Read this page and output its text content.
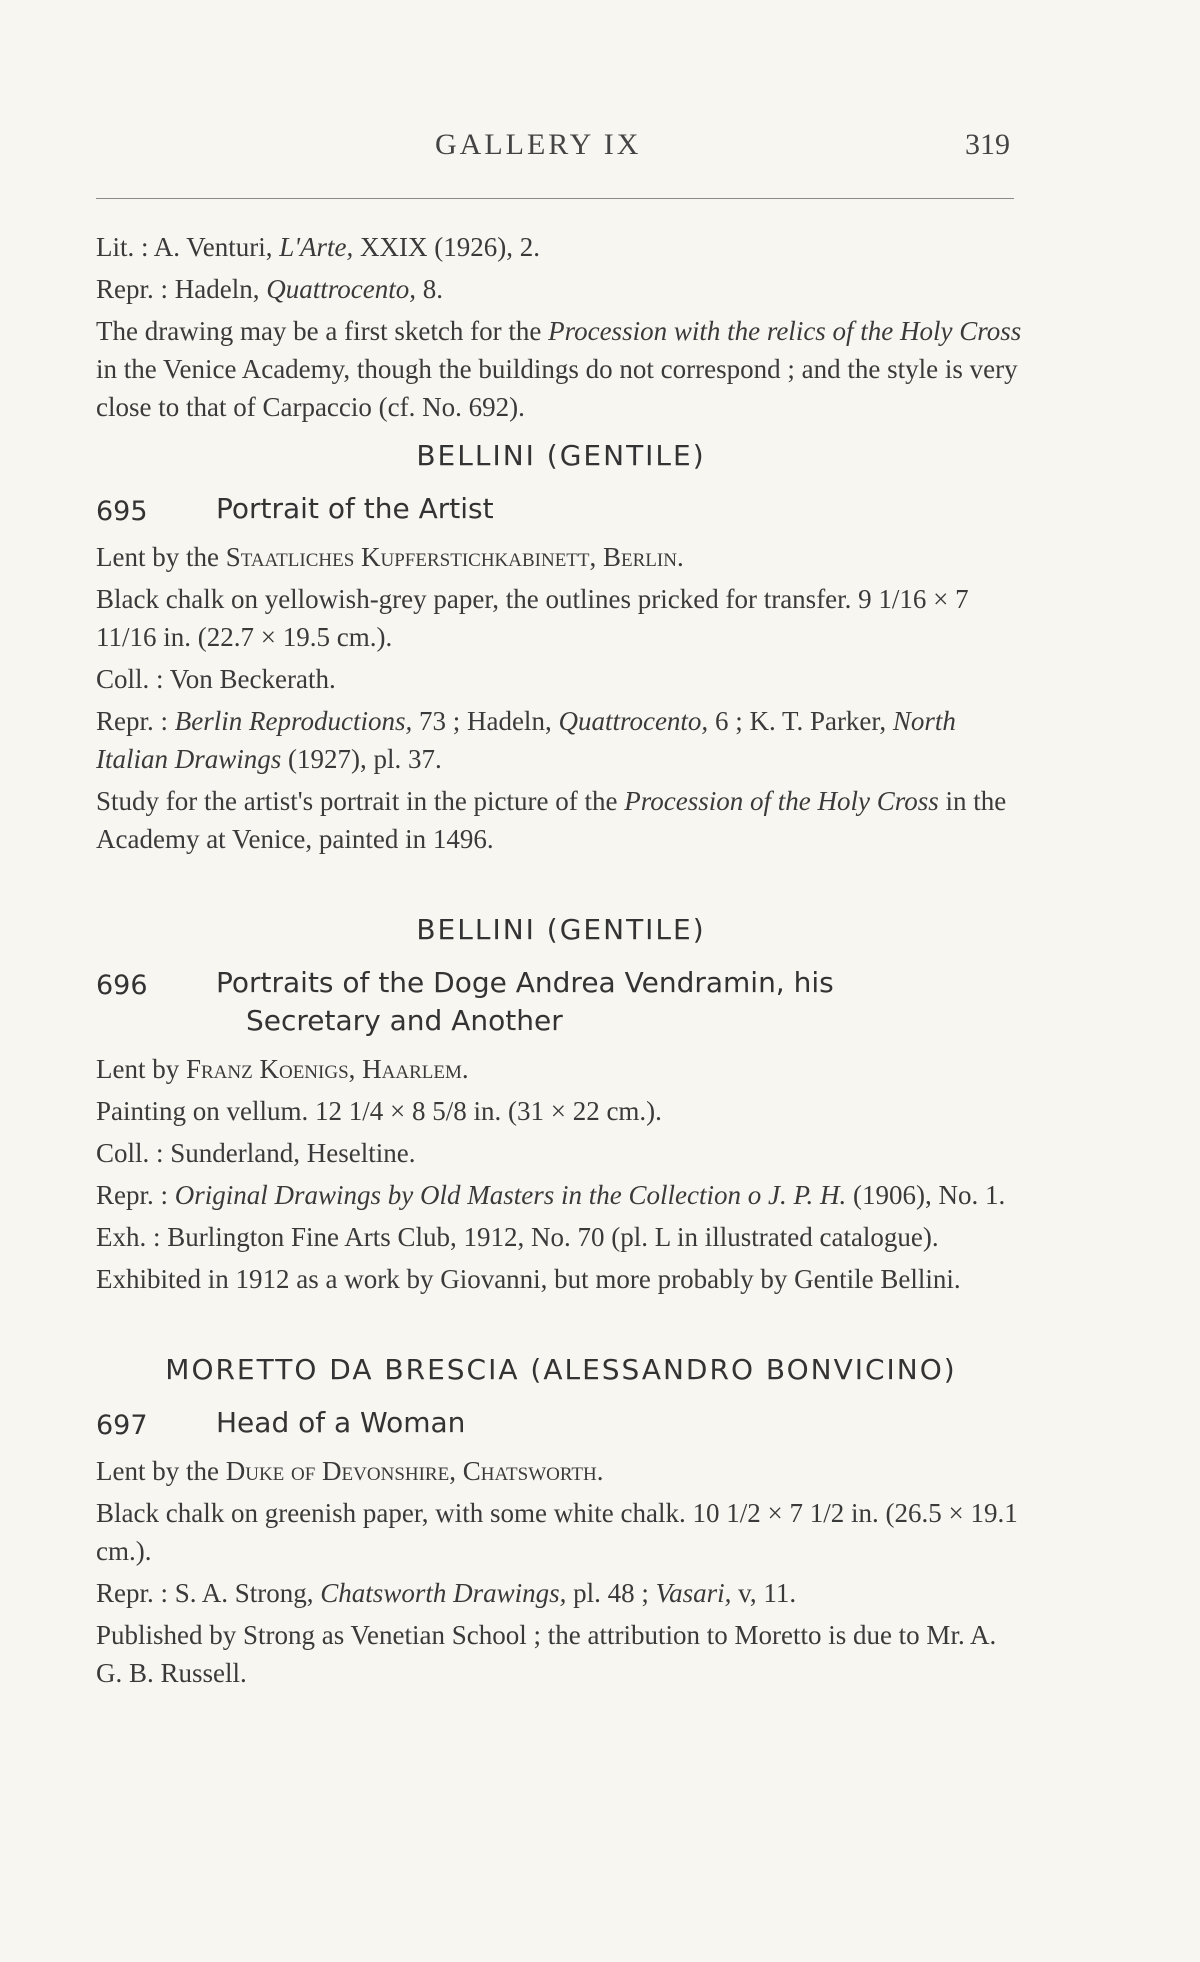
GALLERY IX	319

Lit. : A. Venturi, L'Arte, XXIX (1926), 2.

Repr. : Hadeln, Quattrocento, 8.

The drawing may be a first sketch for the Procession with the relics of the Holy Cross in the Venice Academy, though the buildings do not correspond ; and the style is very close to that of Carpaccio (cf. No. 692).

BELLINI (GENTILE)
695	Portrait of the Artist

Lent by the Staatliches Kupferstichkabinett, Berlin.

Black chalk on yellowish-grey paper, the outlines pricked for transfer. 9 1/16 × 7 11/16 in. (22.7 × 19.5 cm.).

Coll. : Von Beckerath.

Repr. : Berlin Reproductions, 73 ; Hadeln, Quattrocento, 6 ; K. T. Parker, North Italian Drawings (1927), pl. 37.

Study for the artist's portrait in the picture of the Procession of the Holy Cross in the Academy at Venice, painted in 1496.

BELLINI (GENTILE)
696	Portraits of the Doge Andrea Vendramin, his
Secretary and Another

Lent by Franz Koenigs, Haarlem.

Painting on vellum. 12 1/4 × 8 5/8 in. (31 × 22 cm.).

Coll. : Sunderland, Heseltine.

Repr. : Original Drawings by Old Masters in the Collection o J. P. H. (1906), No. 1.

Exh. : Burlington Fine Arts Club, 1912, No. 70 (pl. L in illustrated catalogue).

Exhibited in 1912 as a work by Giovanni, but more probably by Gentile Bellini.

MORETTO DA BRESCIA (ALESSANDRO BONVICINO)
697	Head of a Woman

Lent by the Duke of Devonshire, Chatsworth.

Black chalk on greenish paper, with some white chalk. 10 1/2 × 7 1/2 in. (26.5 × 19.1 cm.).

Repr. : S. A. Strong, Chatsworth Drawings, pl. 48 ; Vasari, v, 11.

Published by Strong as Venetian School ; the attribution to Moretto is due to Mr. A. G. B. Russell.
